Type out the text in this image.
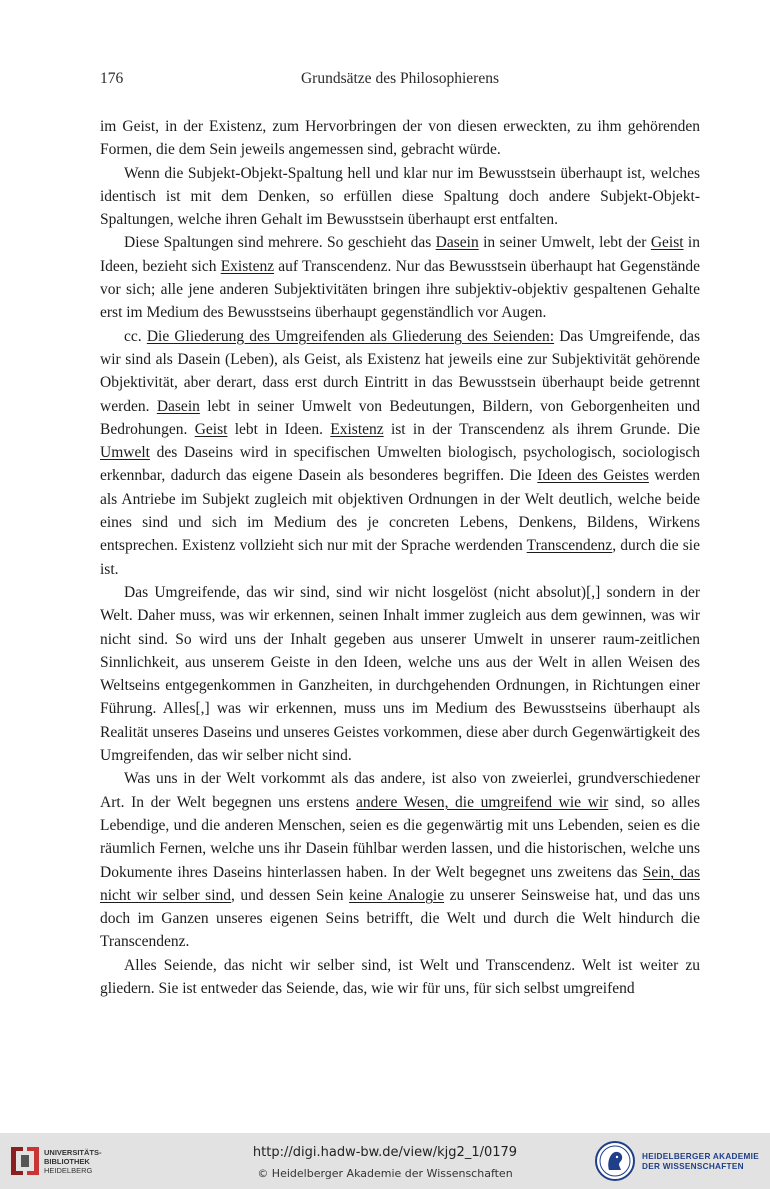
176	Grundsätze des Philosophierens

im Geist, in der Existenz, zum Hervorbringen der von diesen erweckten, zu ihm gehörenden Formen, die dem Sein jeweils angemessen sind, gebracht würde.

Wenn die Subjekt-Objekt-Spaltung hell und klar nur im Bewusstsein überhaupt ist, welches identisch ist mit dem Denken, so erfüllen diese Spaltung doch andere Subjekt-Objekt-Spaltungen, welche ihren Gehalt im Bewusstsein überhaupt erst entfalten.

Diese Spaltungen sind mehrere. So geschieht das Dasein in seiner Umwelt, lebt der Geist in Ideen, bezieht sich Existenz auf Transcendenz. Nur das Bewusstsein überhaupt hat Gegenstände vor sich; alle jene anderen Subjektivitäten bringen ihre subjektiv-objektiv gespaltenen Gehalte erst im Medium des Bewusstseins überhaupt gegenständlich vor Augen.

cc. Die Gliederung des Umgreifenden als Gliederung des Seienden: Das Umgreifende, das wir sind als Dasein (Leben), als Geist, als Existenz hat jeweils eine zur Subjektivität gehörende Objektivität, aber derart, dass erst durch Eintritt in das Bewusstsein überhaupt beide getrennt werden. Dasein lebt in seiner Umwelt von Bedeutungen, Bildern, von Geborgenheiten und Bedrohungen. Geist lebt in Ideen. Existenz ist in der Transcendenz als ihrem Grunde. Die Umwelt des Daseins wird in specifischen Umwelten biologisch, psychologisch, sociologisch erkennbar, dadurch das eigene Dasein als besonderes begriffen. Die Ideen des Geistes werden als Antriebe im Subjekt zugleich mit objektiven Ordnungen in der Welt deutlich, welche beide eines sind und sich im Medium des je concreten Lebens, Denkens, Bildens, Wirkens entsprechen. Existenz vollzieht sich nur mit der Sprache werdenden Transcendenz, durch die sie ist.

Das Umgreifende, das wir sind, sind wir nicht losgelöst (nicht absolut)[,] sondern in der Welt. Daher muss, was wir erkennen, seinen Inhalt immer zugleich aus dem gewinnen, was wir nicht sind. So wird uns der Inhalt gegeben aus unserer Umwelt in unserer raum-zeitlichen Sinnlichkeit, aus unserem Geiste in den Ideen, welche uns aus der Welt in allen Weisen des Weltseins entgegenkommen in Ganzheiten, in durchgehenden Ordnungen, in Richtungen einer Führung. Alles[,] was wir erkennen, muss uns im Medium des Bewusstseins überhaupt als Realität unseres Daseins und unseres Geistes vorkommen, diese aber durch Gegenwärtigkeit des Umgreifenden, das wir selber nicht sind.

Was uns in der Welt vorkommt als das andere, ist also von zweierlei, grundverschiedener Art. In der Welt begegnen uns erstens andere Wesen, die umgreifend wie wir sind, so alles Lebendige, und die anderen Menschen, seien es die gegenwärtig mit uns Lebenden, seien es die räumlich Fernen, welche uns ihr Dasein fühlbar werden lassen, und die historischen, welche uns Dokumente ihres Daseins hinterlassen haben. In der Welt begegnet uns zweitens das Sein, das nicht wir selber sind, und dessen Sein keine Analogie zu unserer Seinsweise hat, und das uns doch im Ganzen unseres eigenen Seins betrifft, die Welt und durch die Welt hindurch die Transcendenz.

Alles Seiende, das nicht wir selber sind, ist Welt und Transcendenz. Welt ist weiter zu gliedern. Sie ist entweder das Seiende, das, wie wir für uns, für sich selbst umgreifend

UNIVERSITÄTS-
BIBLIOTHEK
HEIDELBERG
http://digi.hadw-bw.de/view/kjg2_1/0179
© Heidelberger Akademie der Wissenschaften
HEIDELBERGER AKADEMIE
DER WISSENSCHAFTEN
